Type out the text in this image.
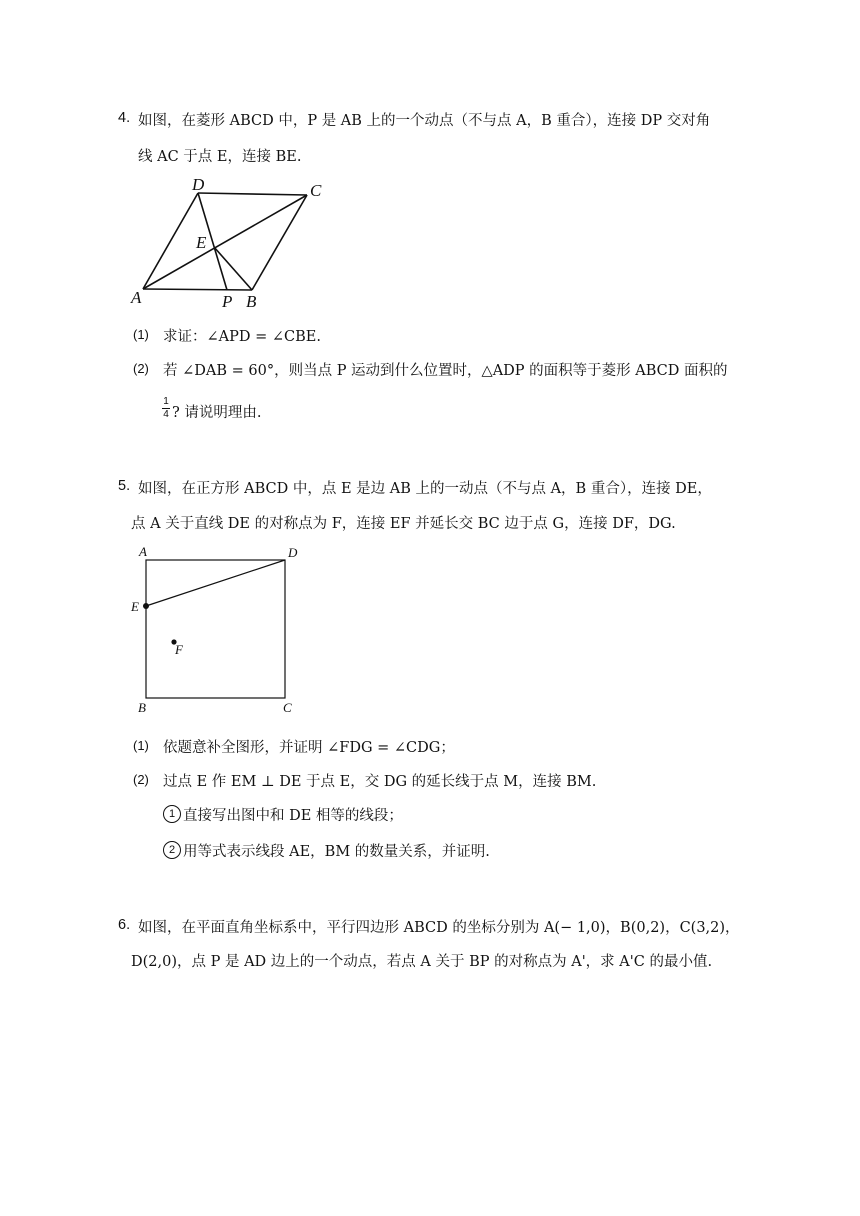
4. 如图，在菱形 ABCD 中，P 是 AB 上的一个动点（不与点 A，B 重合），连接 DP 交对角
线 AC 于点 E，连接 BE.
D	C
E
A	P B
(1) 求证：∠APD = ∠CBE.
(2) 若 ∠DAB = 60°，则当点 P 运动到什么位置时，△ADP 的面积等于菱形 ABCD 面积的
$\frac{1}{4}$ ? 请说明理由.
5. 如图，在正方形 ABCD 中，点 E 是边 AB 上的一动点（不与点 A，B 重合），连接 DE，
点 A 关于直线 DE 的对称点为 F，连接 EF 并延长交 BC 边于点 G，连接 DF，DG.
A	D
E
F
B	C
(1) 依题意补全图形，并证明 ∠FDG = ∠CDG；
(2) 过点 E 作 EM ⊥ DE 于点 E，交 DG 的延长线于点 M，连接 BM.
1 直接写出图中和 DE 相等的线段；
2 用等式表示线段 AE，BM 的数量关系，并证明.
6. 如图，在平面直角坐标系中，平行四边形 ABCD 的坐标分别为 A(− 1,0)，B(0,2)，C(3,2)，
D(2,0)，点 P 是 AD 边上的一个动点，若点 A 关于 BP 的对称点为 A'，求 A'C 的最小值.
